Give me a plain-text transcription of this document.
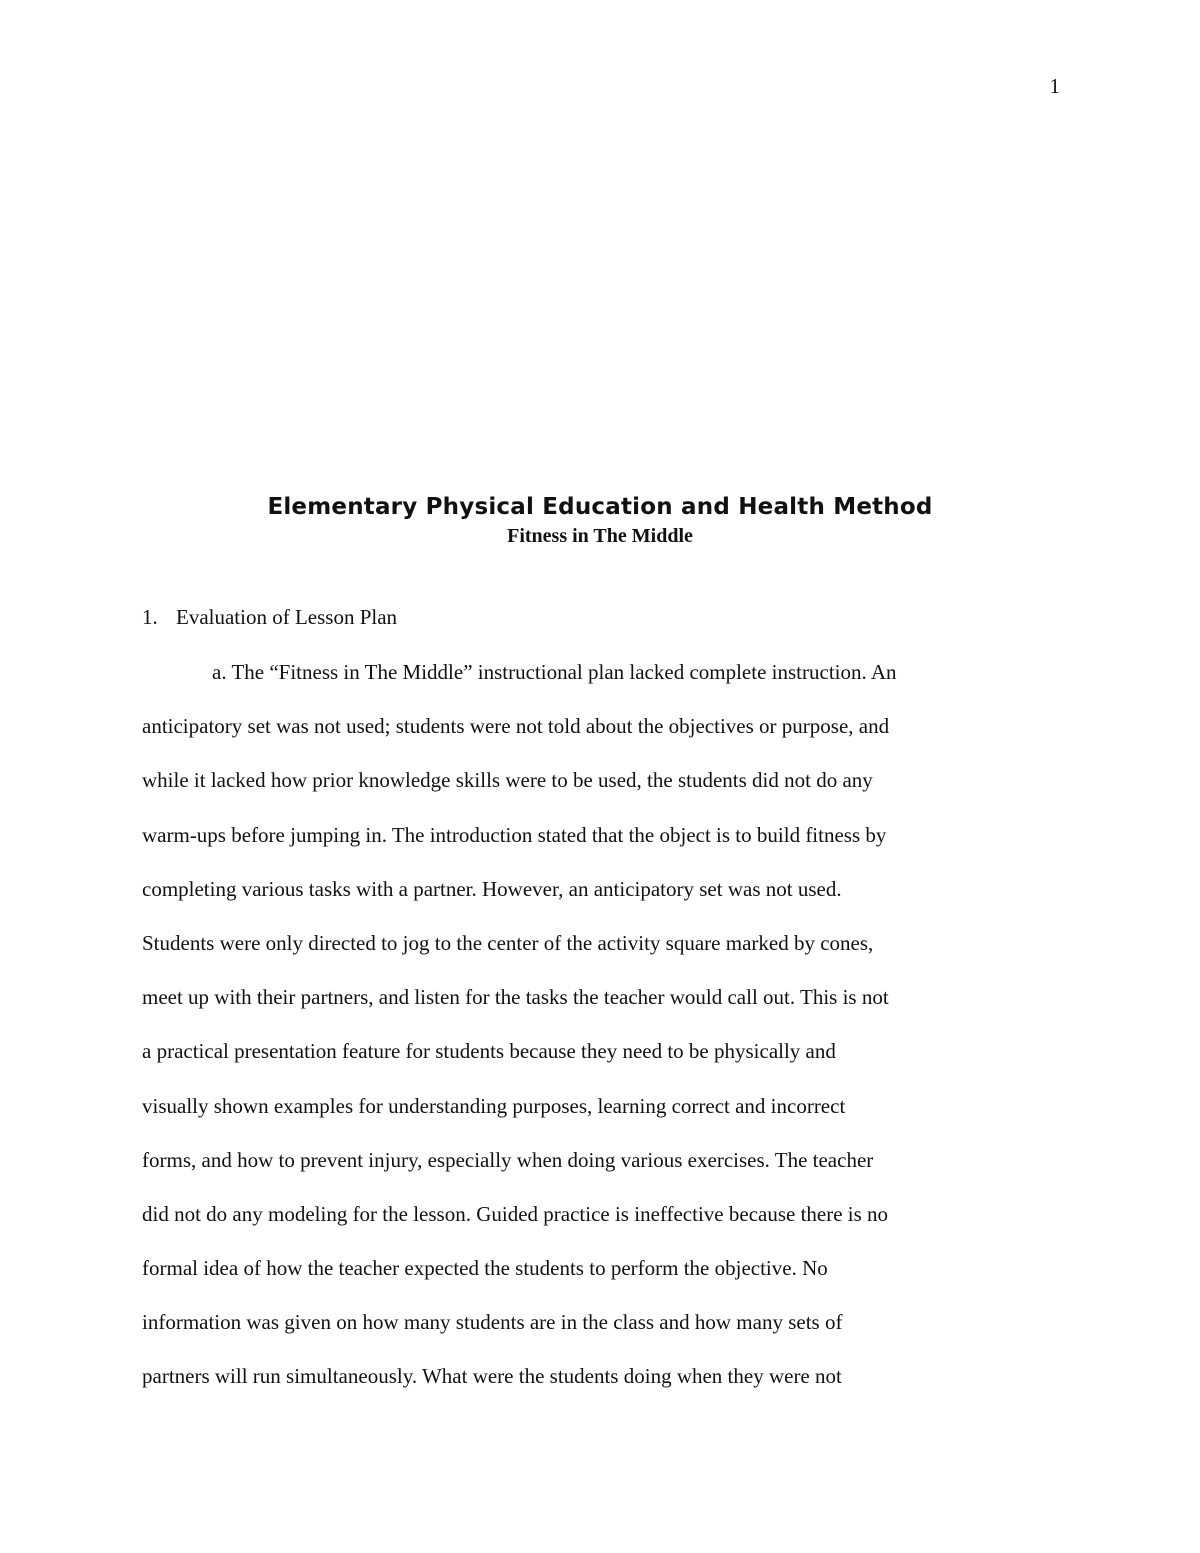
1
Elementary Physical Education and Health Method
Fitness in The Middle
1. Evaluation of Lesson Plan
a. The “Fitness in The Middle” instructional plan lacked complete instruction. An
anticipatory set was not used; students were not told about the objectives or purpose, and
while it lacked how prior knowledge skills were to be used, the students did not do any
warm-ups before jumping in. The introduction stated that the object is to build fitness by
completing various tasks with a partner. However, an anticipatory set was not used.
Students were only directed to jog to the center of the activity square marked by cones,
meet up with their partners, and listen for the tasks the teacher would call out. This is not
a practical presentation feature for students because they need to be physically and
visually shown examples for understanding purposes, learning correct and incorrect
forms, and how to prevent injury, especially when doing various exercises. The teacher
did not do any modeling for the lesson. Guided practice is ineffective because there is no
formal idea of how the teacher expected the students to perform the objective. No
information was given on how many students are in the class and how many sets of
partners will run simultaneously. What were the students doing when they were not
